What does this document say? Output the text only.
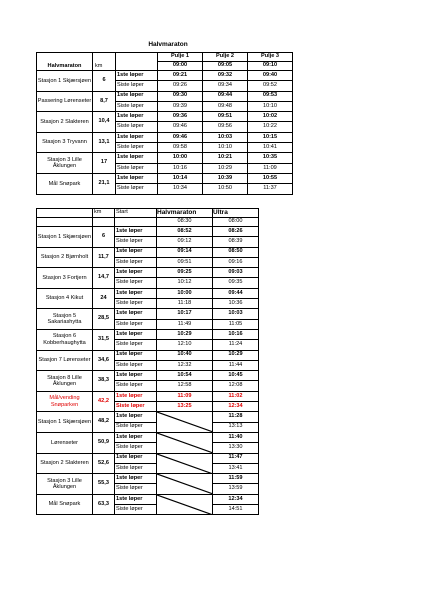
Halvmaraton
Halvmaraton	km		Pulje 1	Pulje 2	Pulje 3
			09:00	09:05	09:10
Stasjon 1 Skjærsjøen	6	1ste løper	09:21	09:32	09:40
		Siste løper	09:26	09:34	09:52
Passering Lørenseter	8,7	1ste løper	09:30	09:44	09:53
		Siste løper	09:39	09:48	10:10
Stasjon 2 Slakteren	10,4	1ste løper	09:36	09:51	10:02
		Siste løper	09:46	09:56	10:22
Stasjon 3 Tryvann	13,1	1ste løper	09:46	10:03	10:15
		Siste løper	09:58	10:10	10:41
Stasjon 3 Lille Åklungen	17	1ste løper	10:00	10:21	10:35
		Siste løper	10:16	10:29	11:09
Mål Snøpark	21,1	1ste løper	10:14	10:39	10:55
		Siste løper	10:34	10:50	11:37
	km	Start	Halvmaraton	Ultra
			08:30	08:00
Stasjon 1 Skjærsjøen	6	1ste løper	08:52	08:26
		Siste løper	09:12	08:39
Stasjon 2 Bjørnholt	11,7	1ste løper	09:14	08:50
		Siste løper	09:51	09:16
Stasjon 3 Fortjern	14,7	1ste løper	09:25	09:03
		Siste løper	10:12	09:35
Stasjon 4 Kikut	24	1ste løper	10:00	09:44
		Siste løper	11:18	10:36
Stasjon 5 Sakariashytta	28,5	1ste løper	10:17	10:03
		Siste løper	11:49	11:05
Stasjon 6 Kobberhaughytta	31,5	1ste løper	10:29	10:16
		Siste løper	12:10	11:24
Stasjon 7 Lørenseter	34,6	1ste løper	10:40	10:29
		Siste løper	12:32	11:44
Stasjon 8 Lille Åklungen	38,3	1ste løper	10:54	10:45
		Siste løper	12:58	12:08
Mål/vending Snøparken	42,2	1ste løper	11:09	11:02
		Siste løper	13:25	12:34
Stasjon 1 Skjærsjøen	48,2	1ste løper		11:28
		Siste løper		13:13
Lørenseter	50,9	1ste løper		11:40
		Siste løper		13:30
Stasjon 2 Slakteren	52,6	1ste løper		11:47
		Siste løper		13:41
Stasjon 3 Lille Åklungen	55,3	1ste løper		11:59
		Siste løper		13:59
Mål Snøpark	63,3	1ste løper		12:34
		Siste løper		14:51
